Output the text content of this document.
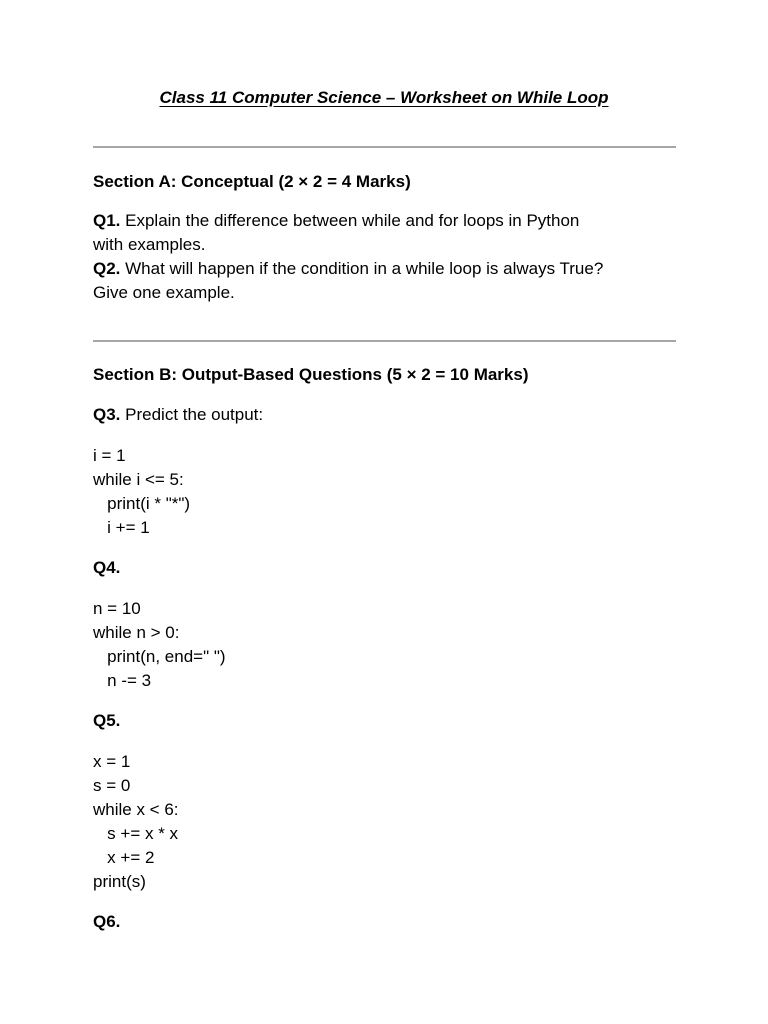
Class 11 Computer Science – Worksheet on While Loop
Section A: Conceptual (2 × 2 = 4 Marks)
Q1. Explain the difference between while and for loops in Python
with examples.
Q2. What will happen if the condition in a while loop is always True?
Give one example.
Section B: Output-Based Questions (5 × 2 = 10 Marks)
Q3. Predict the output:
i = 1
while i <= 5:
print(i * "*")
i += 1
Q4.
n = 10
while n > 0:
print(n, end=" ")
n -= 3
Q5.
x = 1
s = 0
while x < 6:
s += x * x
x += 2
print(s)
Q6.
